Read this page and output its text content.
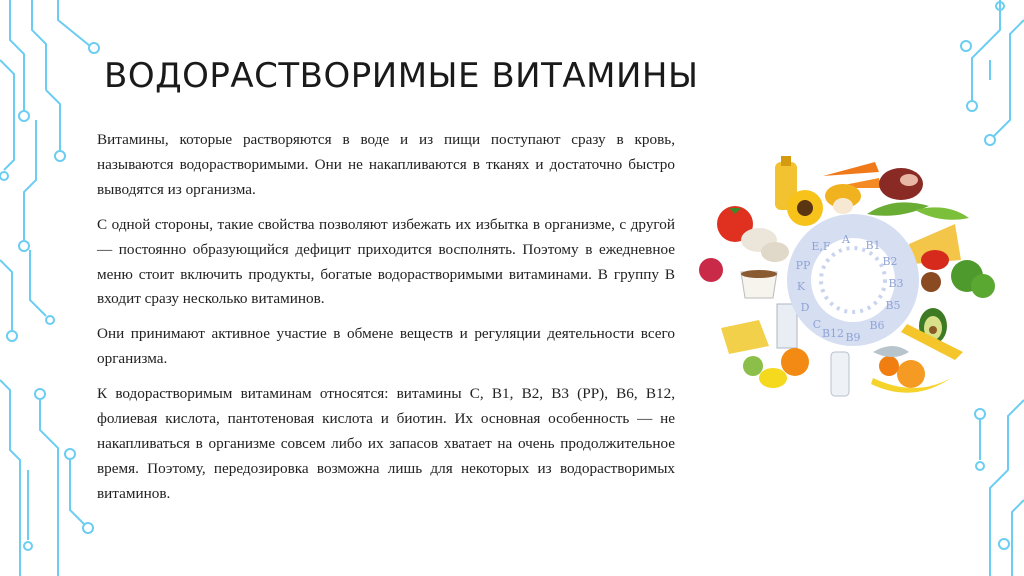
ВОДОРАСТВОРИМЫЕ ВИТАМИНЫ

Витамины, которые растворяются в воде и из пищи поступают сразу в кровь, называются водорастворимыми. Они не накапливаются в тканях и достаточно быстро выводятся из организма.

С одной стороны, такие свойства позволяют избежать их избытка в организме, с другой — постоянно образующийся дефицит приходится восполнять. Поэтому в ежедневное меню стоит включить продукты, богатые водорастворимыми витаминами. В группу В входит сразу несколько витаминов.

Они принимают активное участие в обмене веществ и регуляции деятельности всего организма.

К водорастворимым витаминам относятся: витамины С, В1, В2, В3 (РР), В6, В12, фолиевая кислота, пантотеновая кислота и биотин. Их основная особенность — не накапливаться в организме совсем либо их запасов хватает на очень продолжительное время. Поэтому, передозировка возможна лишь для некоторых из водорастворимых витаминов.

A B1
B2
B3
B5
B6
B9
B12
C
D
K
PP
E,F
